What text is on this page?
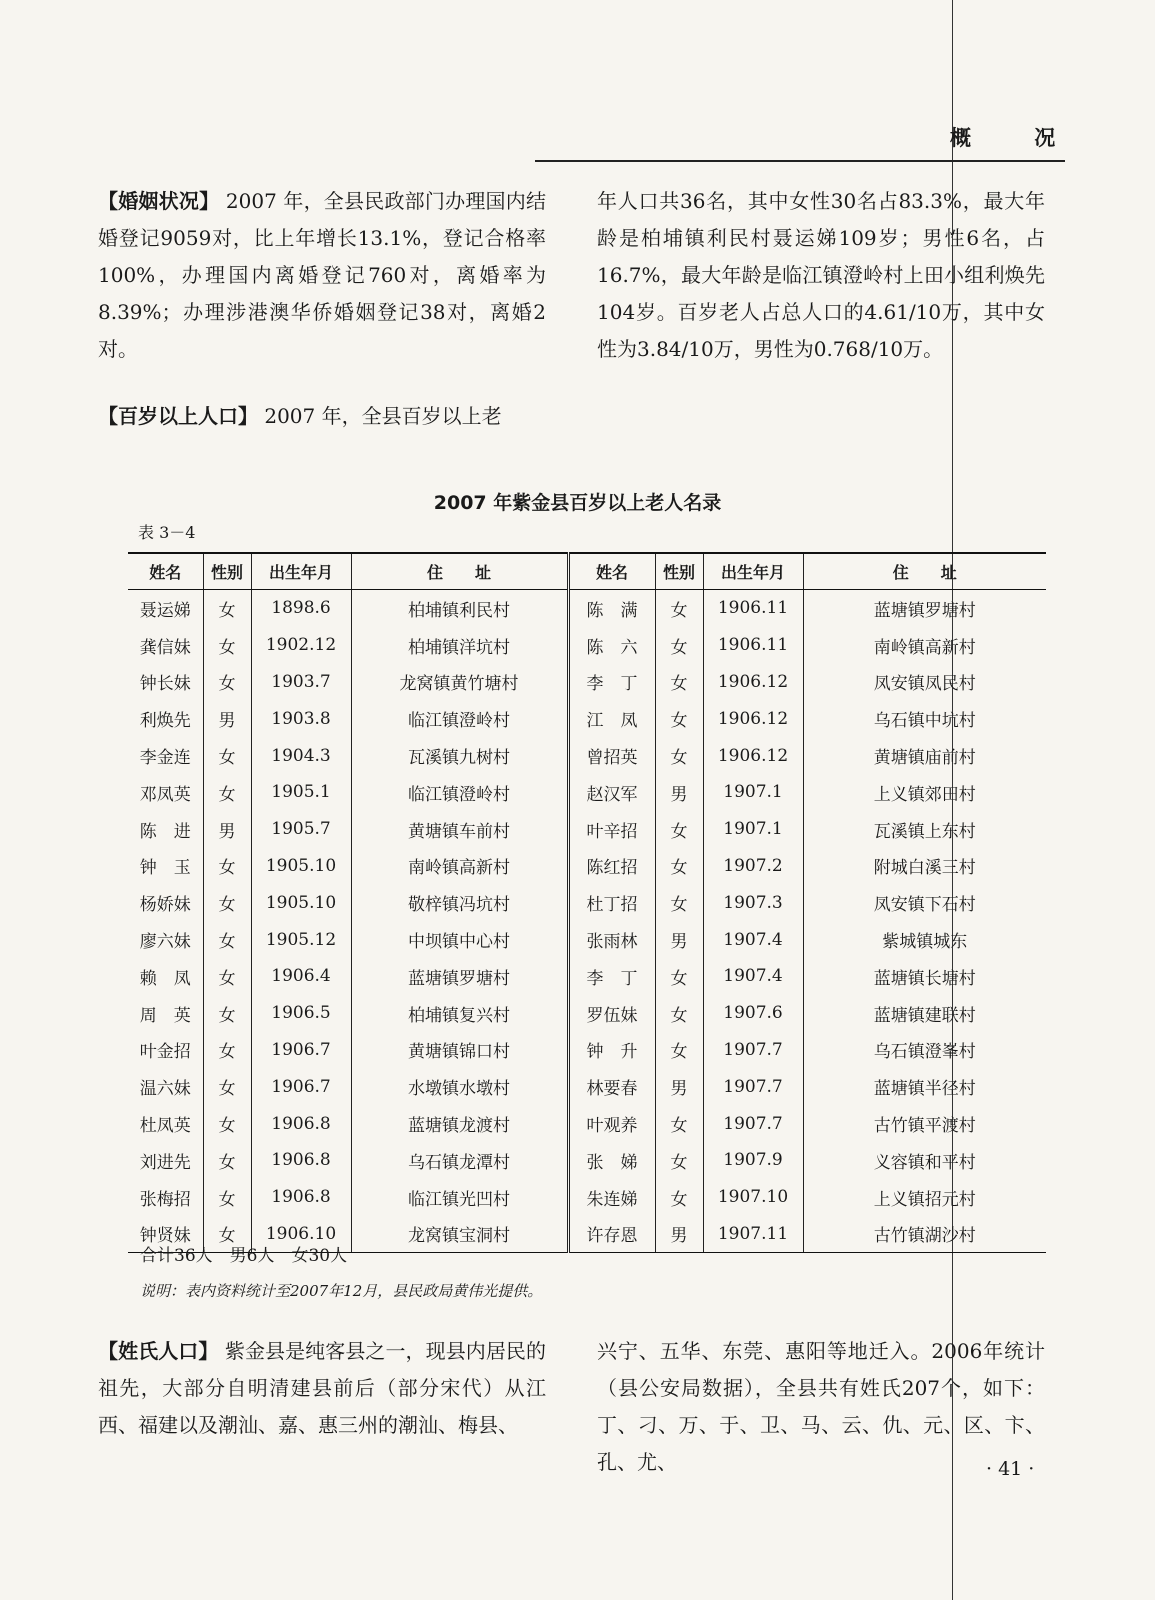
概 况

【婚姻状况】 2007 年，全县民政部门办理国内结婚登记9059对，比上年增长13.1%，登记合格率100%，办理国内离婚登记760对，离婚率为8.39%；办理涉港澳华侨婚姻登记38对，离婚2对。

【百岁以上人口】 2007 年，全县百岁以上老

年人口共36名，其中女性30名占83.3%，最大年龄是柏埔镇利民村聂运娣109岁；男性6名，占16.7%，最大年龄是临江镇澄岭村上田小组利焕先104岁。百岁老人占总人口的4.61/10万，其中女性为3.84/10万，男性为0.768/10万。

2007 年紫金县百岁以上老人名录
表 3－4
姓名	性别	出生年月	住　　址	姓名	性别	出生年月	住　　址
聂运娣	女	1898.6	柏埔镇利民村	陈　满	女	1906.11	蓝塘镇罗塘村
龚信妹	女	1902.12	柏埔镇洋坑村	陈　六	女	1906.11	南岭镇高新村
钟长妹	女	1903.7	龙窝镇黄竹塘村	李　丁	女	1906.12	凤安镇凤民村
利焕先	男	1903.8	临江镇澄岭村	江　凤	女	1906.12	乌石镇中坑村
李金连	女	1904.3	瓦溪镇九树村	曾招英	女	1906.12	黄塘镇庙前村
邓凤英	女	1905.1	临江镇澄岭村	赵汉军	男	1907.1	上义镇郊田村
陈　进	男	1905.7	黄塘镇车前村	叶辛招	女	1907.1	瓦溪镇上东村
钟　玉	女	1905.10	南岭镇高新村	陈红招	女	1907.2	附城白溪三村
杨娇妹	女	1905.10	敬梓镇冯坑村	杜丁招	女	1907.3	凤安镇下石村
廖六妹	女	1905.12	中坝镇中心村	张雨林	男	1907.4	紫城镇城东
赖　凤	女	1906.4	蓝塘镇罗塘村	李　丁	女	1907.4	蓝塘镇长塘村
周　英	女	1906.5	柏埔镇复兴村	罗伍妹	女	1907.6	蓝塘镇建联村
叶金招	女	1906.7	黄塘镇锦口村	钟　升	女	1907.7	乌石镇澄峯村
温六妹	女	1906.7	水墩镇水墩村	林要春	男	1907.7	蓝塘镇半径村
杜凤英	女	1906.8	蓝塘镇龙渡村	叶观养	女	1907.7	古竹镇平渡村
刘进先	女	1906.8	乌石镇龙潭村	张　娣	女	1907.9	义容镇和平村
张梅招	女	1906.8	临江镇光凹村	朱连娣	女	1907.10	上义镇招元村
钟贤妹	女	1906.10	龙窝镇宝洞村	许存恩	男	1907.11	古竹镇湖沙村
合计36人　男6人　女30人
说明：表内资料统计至2007年12月，县民政局黄伟光提供。

【姓氏人口】 紫金县是纯客县之一，现县内居民的祖先，大部分自明清建县前后（部分宋代）从江西、福建以及潮汕、嘉、惠三州的潮汕、梅县、

兴宁、五华、东莞、惠阳等地迁入。2006年统计（县公安局数据），全县共有姓氏207个，如下：丁、刁、万、于、卫、马、云、仇、元、区、卞、孔、尤、	· 41 ·
